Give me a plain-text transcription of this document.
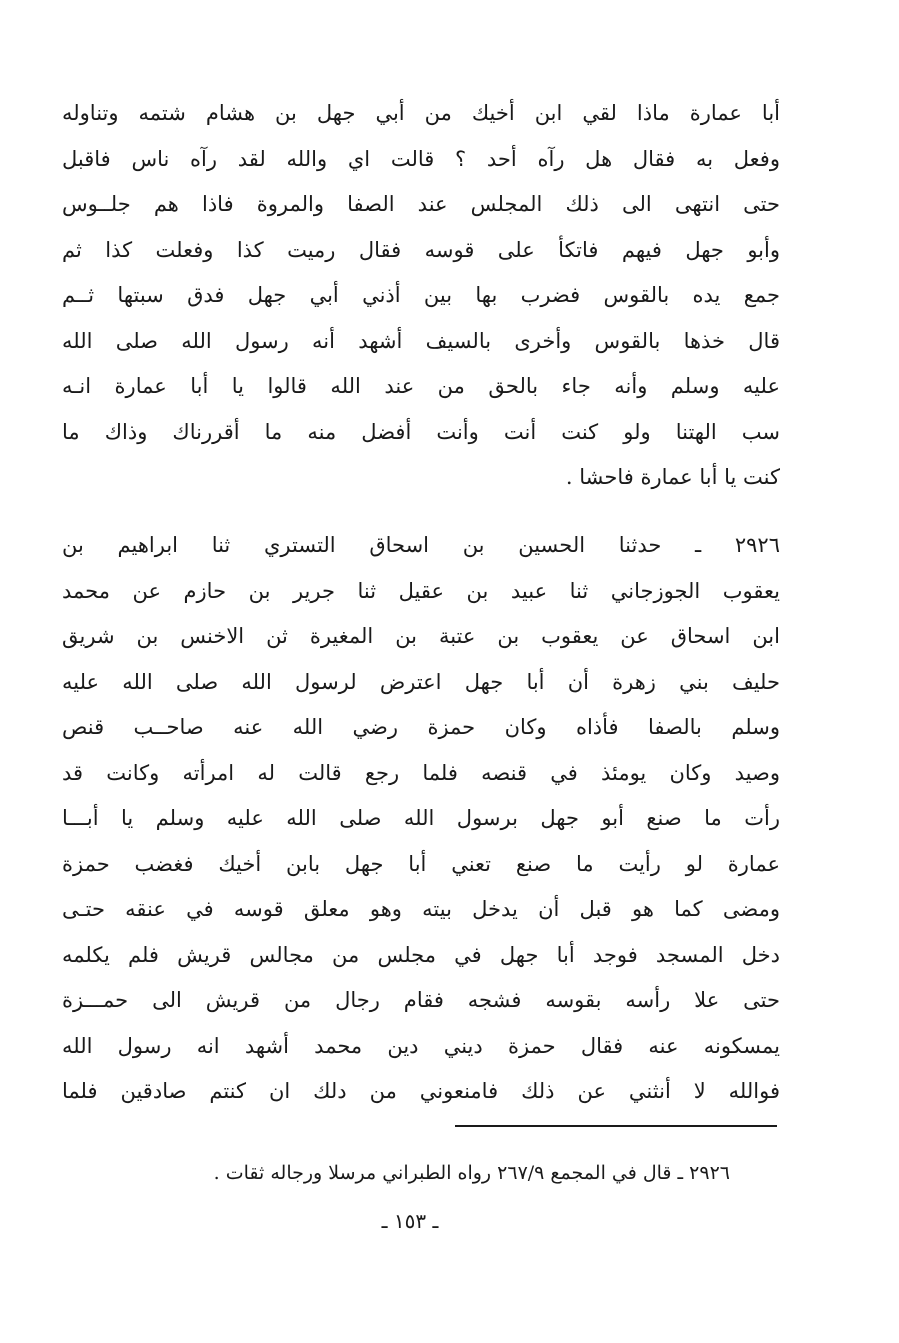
أبا عمارة ماذا لقي ابن أخيك من أبي جهل بن هشام شتمه وتناوله
وفعل به فقال هل رآه أحد ؟ قالت اي والله لقد رآه ناس فاقبل
حتى انتهى الى ذلك المجلس عند الصفا والمروة فاذا هم جلــوس
وأبو جهل فيهم فاتكأ على قوسه فقال رميت كذا وفعلت كذا ثم
جمع يده بالقوس فضرب بها بين أذني أبي جهل فدق سبتها ثــم
قال خذها بالقوس وأخرى بالسيف أشهد أنه رسول الله صلى الله
عليه وسلم وأنه جاء بالحق من عند الله قالوا يا أبا عمارة انـه
سب الهتنا ولو كنت أنت وأنت أفضل منه ما أقررناك وذاك ما
كنت يا أبا عمارة فاحشا .
٢٩٢٦ ـ حدثنا الحسين بن اسحاق التستري ثنا ابراهيم بن
يعقوب الجوزجاني ثنا عبيد بن عقيل ثنا جرير بن حازم عن محمد
ابن اسحاق عن يعقوب بن عتبة بن المغيرة ثن الاخنس بن شريق
حليف بني زهرة أن أبا جهل اعترض لرسول الله صلى الله عليه
وسلم بالصفا فأذاه وكان حمزة رضي الله عنه صاحــب قنص
وصيد وكان يومئذ في قنصه فلما رجع قالت له امرأته وكانت قد
رأت ما صنع أبو جهل برسول الله صلى الله عليه وسلم يا أبـــا
عمارة لو رأيت ما صنع تعني أبا جهل بابن أخيك فغضب حمزة
ومضى كما هو قبل أن يدخل بيته وهو معلق قوسه في عنقه حتـى
دخل المسجد فوجد أبا جهل في مجلس من مجالس قريش فلم يكلمه
حتى علا رأسه بقوسه فشجه فقام رجال من قريش الى حمـــزة
يمسكونه عنه فقال حمزة ديني دين محمد أشهد انه رسول الله
فوالله لا أنثني عن ذلك فامنعوني من دلك ان كنتم صادقين فلما
٢٩٢٦ ـ قال في المجمع ٢٦٧/٩ رواه الطبراني مرسلا ورجاله ثقات .
ـ ١٥٣ ـ
